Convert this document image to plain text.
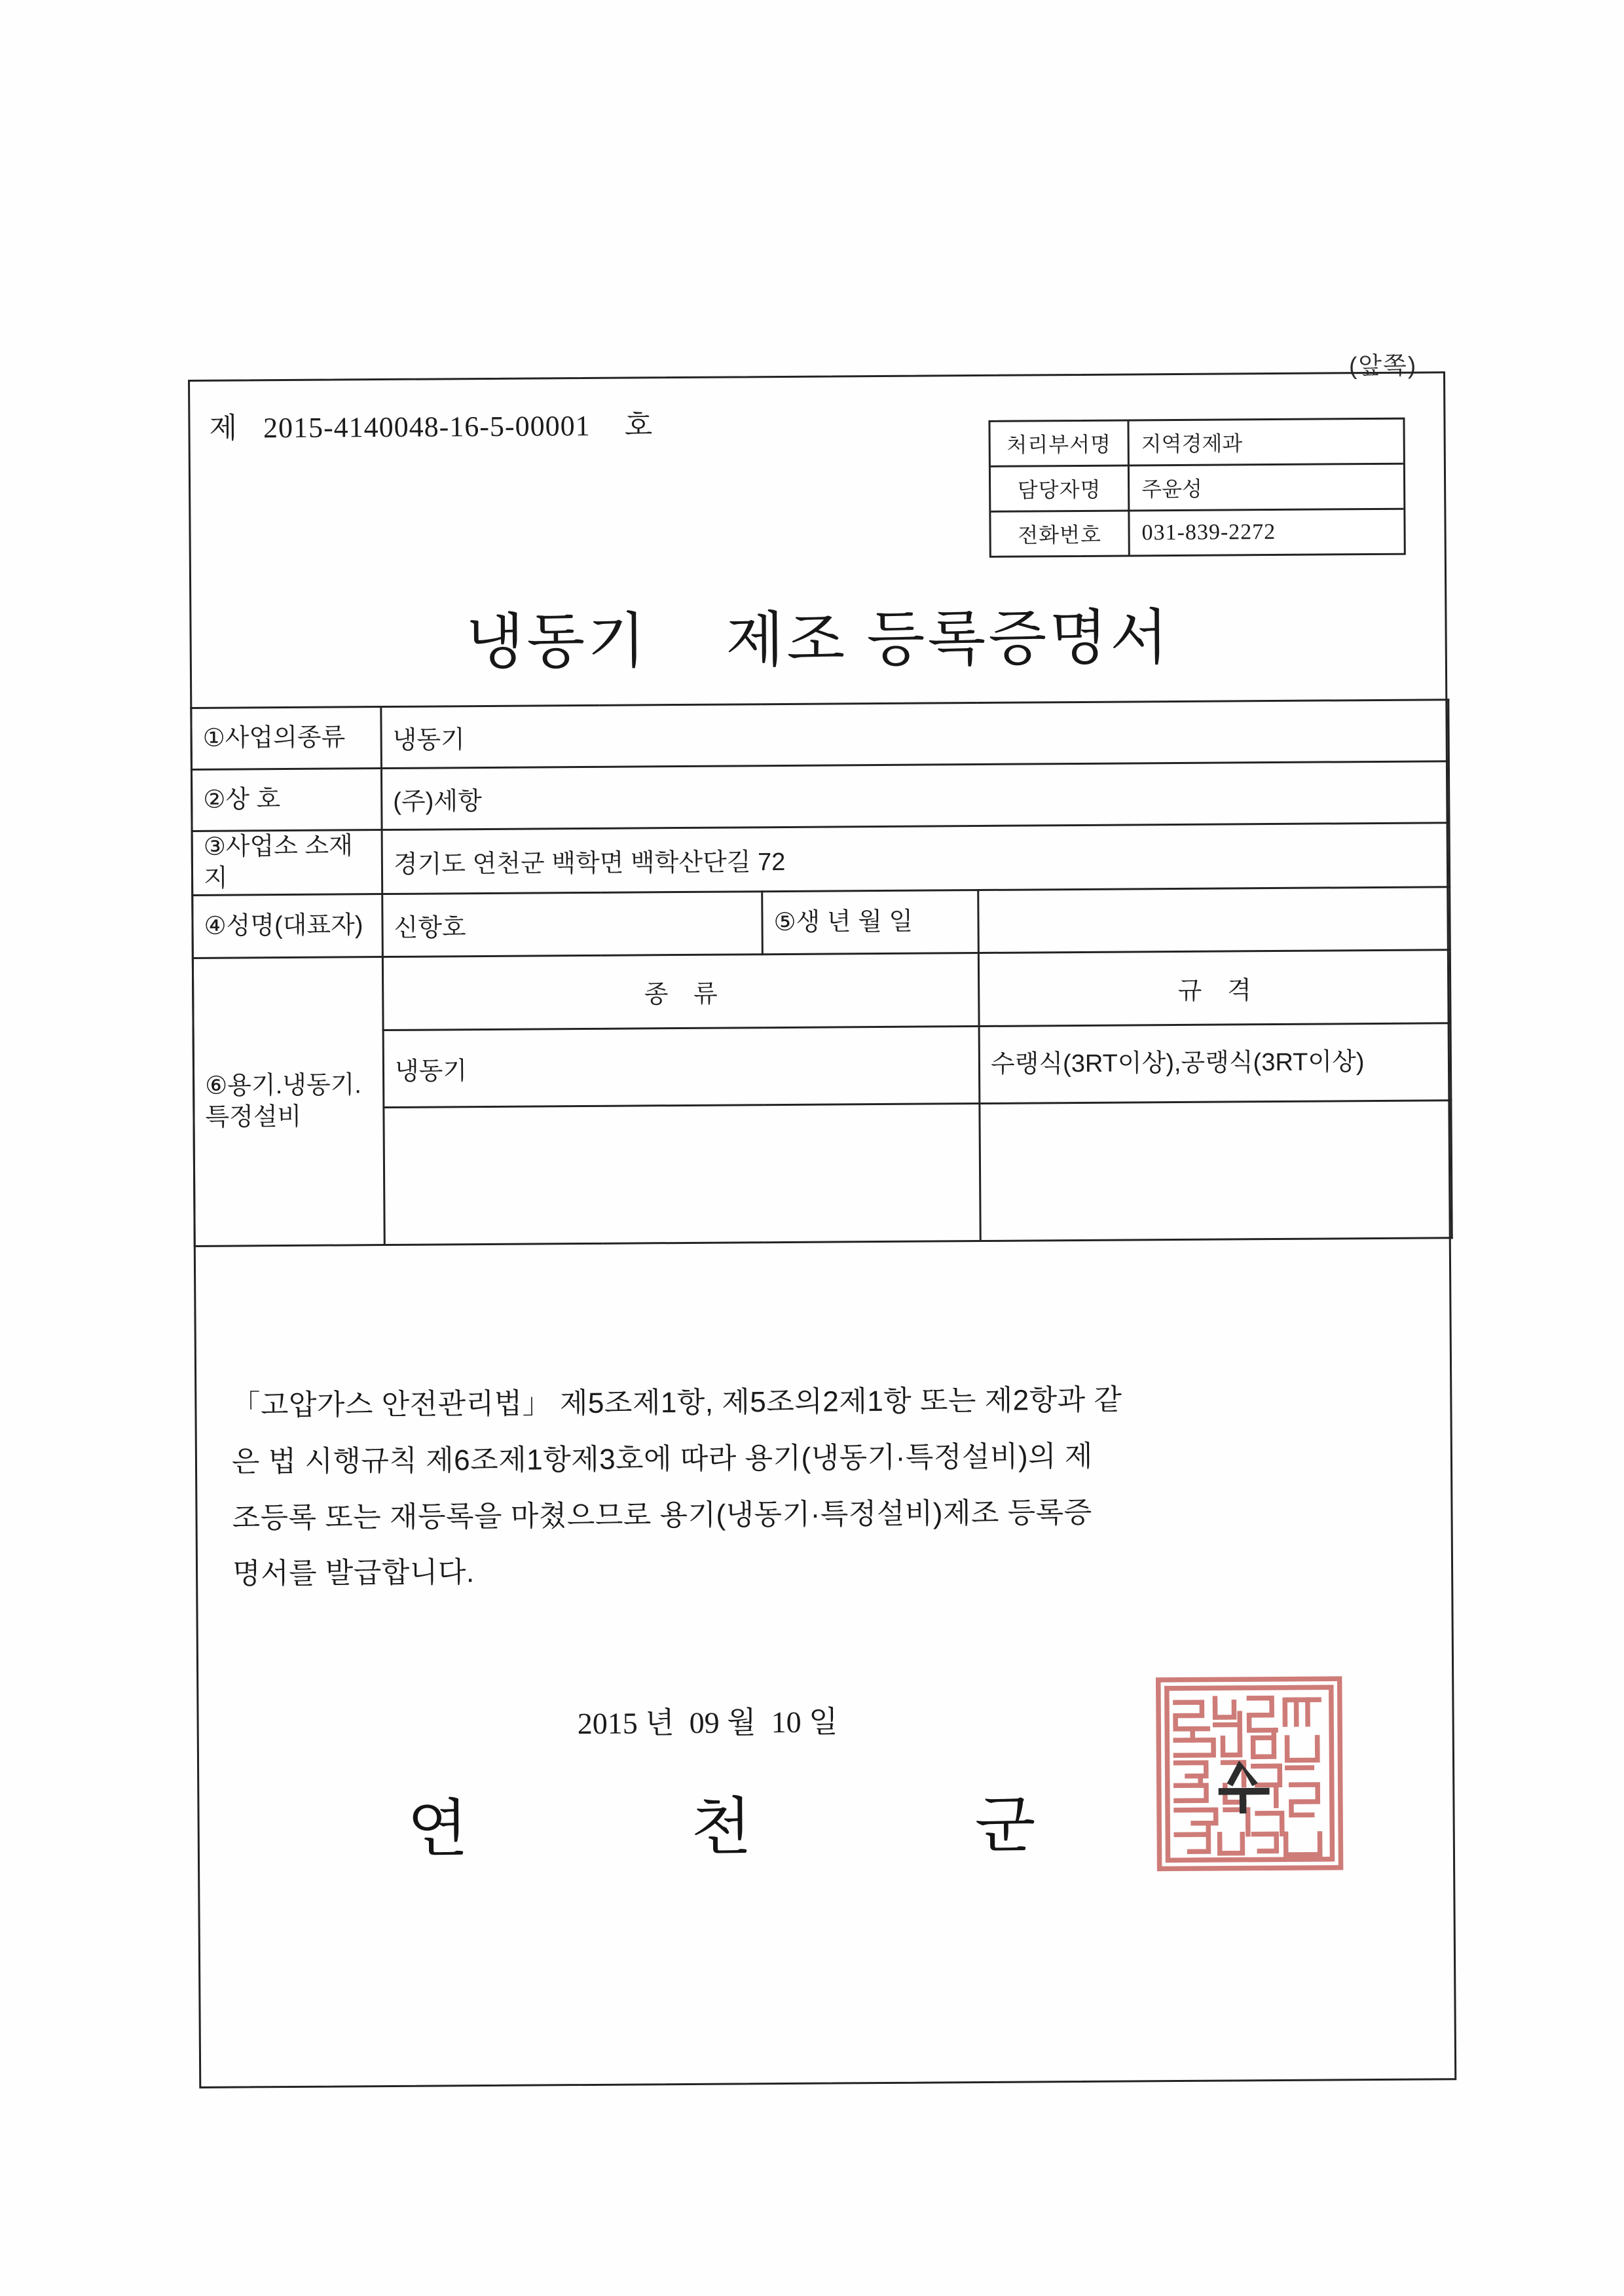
(앞쪽)
제 2015-4140048-16-5-00001 호
처리부서명	지역경제과
담당자명	주윤성
전화번호	031-839-2272
냉동기    제조 등록증명서
①사업의종류	냉동기		
②상 호	(주)세항		
③사업소 소재지	경기도 연천군 백학면 백학산단길 72		
④성명(대표자)	신항호	⑤생 년 월 일	
⑥용기.냉동기.특정설비	종 류		규 격
	냉동기		수랭식(3RT이상),공랭식(3RT이상)

「고압가스 안전관리법」 제5조제1항, 제5조의2제1항 또는 제2항과 같
은 법 시행규칙 제6조제1항제3호에 따라 용기(냉동기·특정설비)의 제
조등록 또는 재등록을 마쳤으므로 용기(냉동기·특정설비)제조 등록증
명서를 발급합니다.
2015 년  09 월  10 일
연	천	군
